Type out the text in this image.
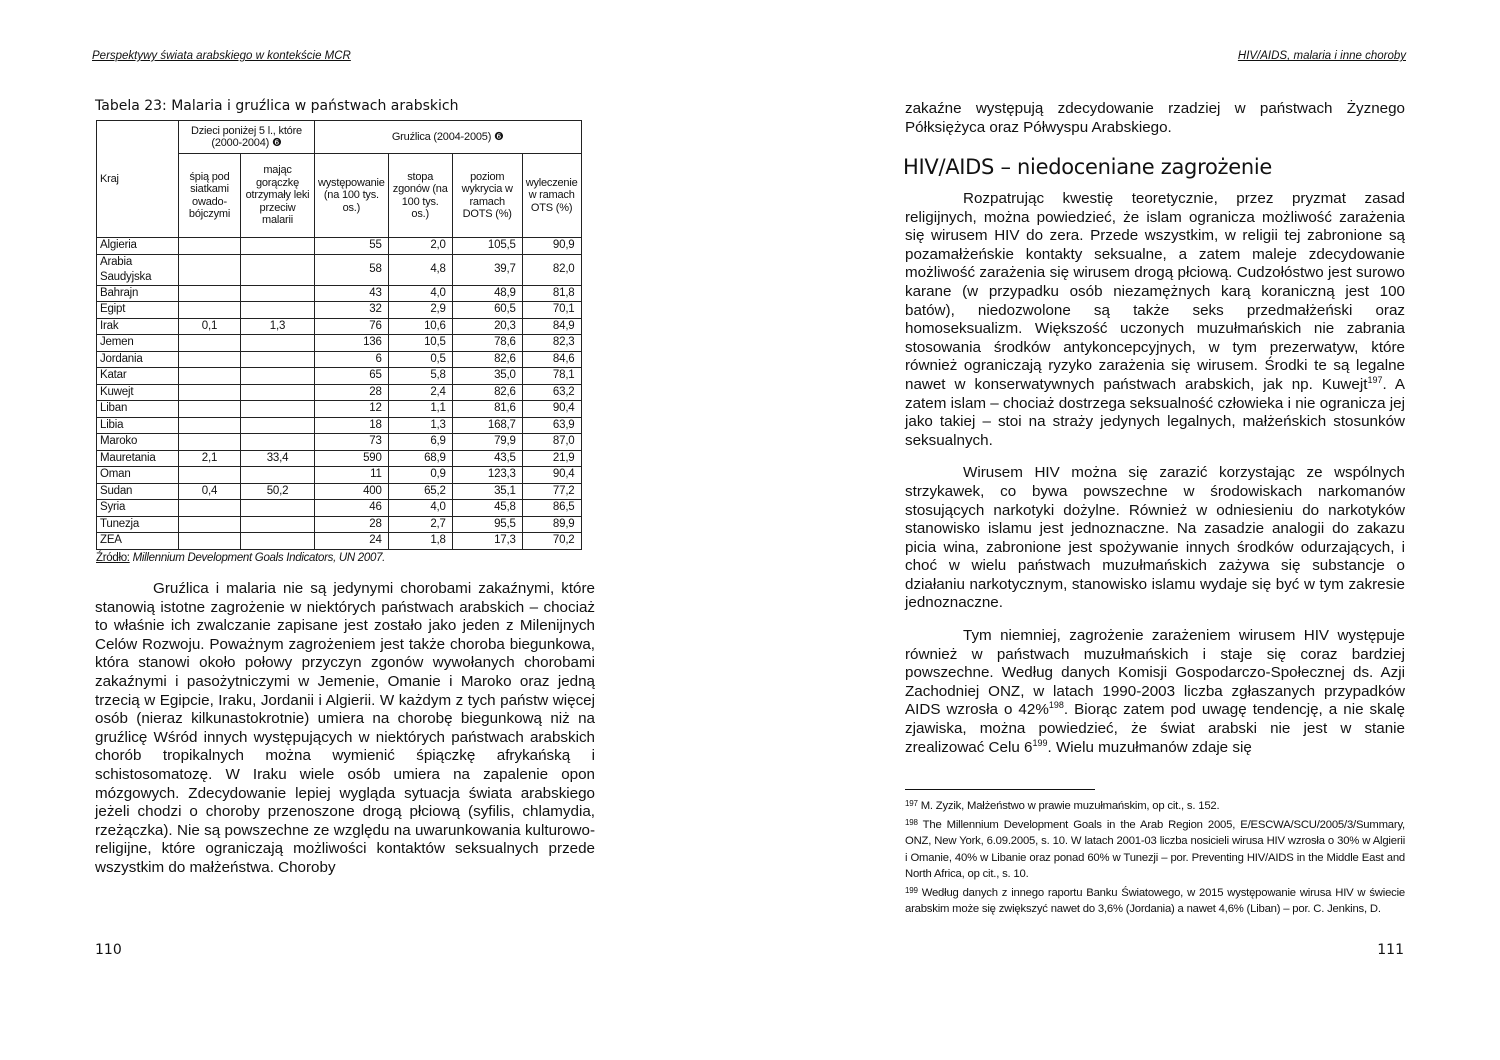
Perspektywy świata arabskiego w kontekście MCR
Tabela 23: Malaria i gruźlica w państwach arabskich
Kraj	Dzieci poniżej 5 l., które (2000-2004) ❻		Gruźlica (2004-2005) ❻			
	śpią pod siatkami owado-bójczymi	mając gorączkę otrzymały leki przeciw malarii	występowanie (na 100 tys. os.)	stopa zgonów (na 100 tys. os.)	poziom wykrycia w ramach DOTS (%)	wyleczenie w ramach OTS (%)
Algieria			55	2,0	105,5	90,9
Arabia Saudyjska			58	4,8	39,7	82,0
Bahrajn			43	4,0	48,9	81,8
Egipt			32	2,9	60,5	70,1
Irak	0,1	1,3	76	10,6	20,3	84,9
Jemen			136	10,5	78,6	82,3
Jordania			6	0,5	82,6	84,6
Katar			65	5,8	35,0	78,1
Kuwejt			28	2,4	82,6	63,2
Liban			12	1,1	81,6	90,4
Libia			18	1,3	168,7	63,9
Maroko			73	6,9	79,9	87,0
Mauretania	2,1	33,4	590	68,9	43,5	21,9
Oman			11	0,9	123,3	90,4
Sudan	0,4	50,2	400	65,2	35,1	77,2
Syria			46	4,0	45,8	86,5
Tunezja			28	2,7	95,5	89,9
ZEA			24	1,8	17,3	70,2
Źródło: Millennium Development Goals Indicators, UN 2007.

Gruźlica i malaria nie są jedynymi chorobami zakaźnymi, które stanowią istotne zagrożenie w niektórych państwach arabskich – chociaż to właśnie ich zwalczanie zapisane jest zostało jako jeden z Milenijnych Celów Rozwoju. Poważnym zagrożeniem jest także choroba biegunkowa, która stanowi około połowy przyczyn zgonów wywołanych chorobami zakaźnymi i pasożytniczymi w Jemenie, Omanie i Maroko oraz jedną trzecią w Egipcie, Iraku, Jordanii i Algierii. W każdym z tych państw więcej osób (nieraz kilkunastokrotnie) umiera na chorobę biegunkową niż na gruźlicę Wśród innych występujących w niektórych państwach arabskich chorób tropikalnych można wymienić śpiączkę afrykańską i schistosomatozę. W Iraku wiele osób umiera na zapalenie opon mózgowych. Zdecydowanie lepiej wygląda sytuacja świata arabskiego jeżeli chodzi o choroby przenoszone drogą płciową (syfilis, chlamydia, rzeżączka). Nie są powszechne ze względu na uwarunkowania kulturowo-religijne, które ograniczają możliwości kontaktów seksualnych przede wszystkim do małżeństwa. Choroby

110
HIV/AIDS, malaria i inne choroby

zakaźne występują zdecydowanie rzadziej w państwach Żyznego Półksiężyca oraz Półwyspu Arabskiego.

HIV/AIDS – niedoceniane zagrożenie

Rozpatrując kwestię teoretycznie, przez pryzmat zasad religijnych, można powiedzieć, że islam ogranicza możliwość zarażenia się wirusem HIV do zera. Przede wszystkim, w religii tej zabronione są pozamałżeńskie kontakty seksualne, a zatem maleje zdecydowanie możliwość zarażenia się wirusem drogą płciową. Cudzołóstwo jest surowo karane (w przypadku osób niezamężnych karą koraniczną jest 100 batów), niedozwolone są także seks przedmałżeński oraz homoseksualizm. Większość uczonych muzułmańskich nie zabrania stosowania środków antykoncepcyjnych, w tym prezerwatyw, które również ograniczają ryzyko zarażenia się wirusem. Środki te są legalne nawet w konserwatywnych państwach arabskich, jak np. Kuwejt$^{197}$. A zatem islam – chociaż dostrzega seksualność człowieka i nie ogranicza jej jako takiej – stoi na straży jedynych legalnych, małżeńskich stosunków seksualnych.

Wirusem HIV można się zarazić korzystając ze wspólnych strzykawek, co bywa powszechne w środowiskach narkomanów stosujących narkotyki dożylne. Również w odniesieniu do narkotyków stanowisko islamu jest jednoznaczne. Na zasadzie analogii do zakazu picia wina, zabronione jest spożywanie innych środków odurzających, i choć w wielu państwach muzułmańskich zażywa się substancje o działaniu narkotycznym, stanowisko islamu wydaje się być w tym zakresie jednoznaczne.

Tym niemniej, zagrożenie zarażeniem wirusem HIV występuje również w państwach muzułmańskich i staje się coraz bardziej powszechne. Według danych Komisji Gospodarczo-Społecznej ds. Azji Zachodniej ONZ, w latach 1990-2003 liczba zgłaszanych przypadków AIDS wzrosła o 42%$^{198}$. Biorąc zatem pod uwagę tendencję, a nie skalę zjawiska, można powiedzieć, że świat arabski nie jest w stanie zrealizować Celu $6^{199}$. Wielu muzułmanów zdaje się

$^{197}$ M. Zyzik, Małżeństwo w prawie muzułmańskim, op cit., s. 152.

$^{198}$ The Millennium Development Goals in the Arab Region 2005, E/ESCWA/SCU/2005/3/Summary, ONZ, New York, 6.09.2005, s. 10. W latach 2001-03 liczba nosicieli wirusa HIV wzrosła o 30% w Algierii i Omanie, 40% w Libanie oraz ponad 60% w Tunezji – por. Preventing HIV/AIDS in the Middle East and North Africa, op cit., s. 10.

$^{199}$ Według danych z innego raportu Banku Światowego, w 2015 występowanie wirusa HIV w świecie arabskim może się zwiększyć nawet do 3,6% (Jordania) a nawet 4,6% (Liban) – por. C. Jenkins, D.

111
